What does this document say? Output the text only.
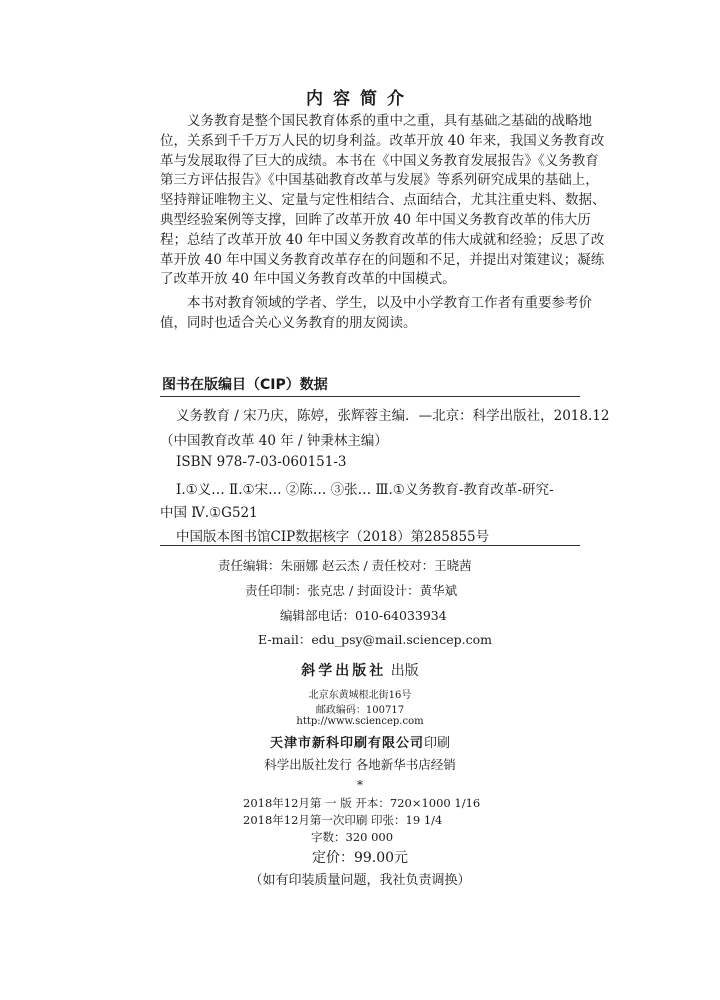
内容简介
义务教育是整个国民教育体系的重中之重，具有基础之基础的战略地
位，关系到千千万万人民的切身利益。改革开放 40 年来，我国义务教育改
革与发展取得了巨大的成绩。本书在《中国义务教育发展报告》《义务教育
第三方评估报告》《中国基础教育改革与发展》等系列研究成果的基础上，
坚持辩证唯物主义、定量与定性相结合、点面结合，尤其注重史料、数据、
典型经验案例等支撑，回眸了改革开放 40 年中国义务教育改革的伟大历
程；总结了改革开放 40 年中国义务教育改革的伟大成就和经验；反思了改
革开放 40 年中国义务教育改革存在的问题和不足，并提出对策建议；凝练
了改革开放 40 年中国义务教育改革的中国模式。
本书对教育领域的学者、学生，以及中小学教育工作者有重要参考价
值，同时也适合关心义务教育的朋友阅读。
图书在版编目（CIP）数据
义务教育 / 宋乃庆，陈婷，张辉蓉主编．—北京：科学出版社，2018.12
（中国教育改革 40 年 / 钟秉林主编）
ISBN 978-7-03-060151-3
Ⅰ.①义… Ⅱ.①宋… ②陈… ③张… Ⅲ.①义务教育-教育改革-研究-
中国 Ⅳ.①G521
中国版本图书馆CIP数据核字（2018）第285855号
责任编辑：朱丽娜 赵云杰 / 责任校对：王晓茜
责任印制：张克忠 / 封面设计：黄华斌
编辑部电话：010-64033934
E-mail：edu_psy@mail.sciencep.com
斜学出版社 出版
北京东黄城根北街16号
邮政编码：100717
http://www.sciencep.com
天津市新科印刷有限公司印刷
科学出版社发行 各地新华书店经销
*
2018年12月第 一 版 开本：720×1000 1/16
2018年12月第一次印刷 印张：19 1/4
字数：320 000
定价：99.00元
（如有印装质量问题，我社负责调换）
